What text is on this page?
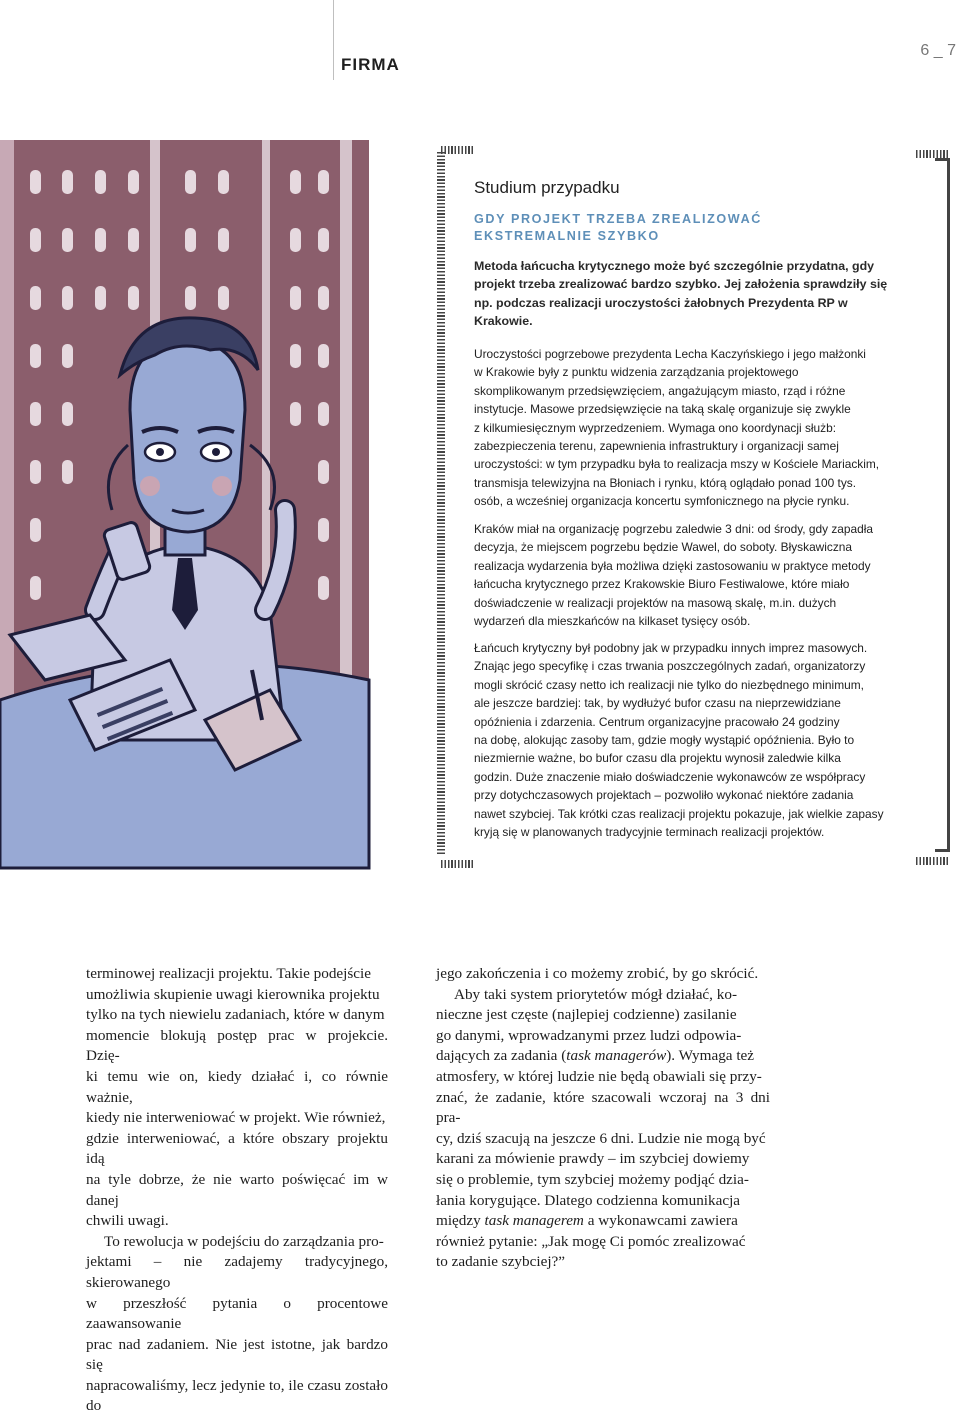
FIRMA
6 _ 7
Studium przypadku
GDY PROJEKT TRZEBA ZREALIZOWAĆ
EKSTREMALNIE SZYBKO
Metoda łańcucha krytycznego może być szczególnie przydatna, gdy
projekt trzeba zrealizować bardzo szybko. Jej założenia sprawdziły się
np. podczas realizacji uroczystości żałobnych Prezydenta RP w Krakowie.
Uroczystości pogrzebowe prezydenta Lecha Kaczyńskiego i jego małżonki
w Krakowie były z punktu widzenia zarządzania projektowego
skomplikowanym przedsięwzięciem, angażującym miasto, rząd i różne
instytucje. Masowe przedsięwzięcie na taką skalę organizuje się zwykle
z kilkumiesięcznym wyprzedzeniem. Wymaga ono koordynacji służb:
zabezpieczenia terenu, zapewnienia infrastruktury i organizacji samej
uroczystości: w tym przypadku była to realizacja mszy w Kościele Mariackim,
transmisja telewizyjna na Błoniach i rynku, którą oglądało ponad 100 tys.
osób, a wcześniej organizacja koncertu symfonicznego na płycie rynku.
Kraków miał na organizację pogrzebu zaledwie 3 dni: od środy, gdy zapadła
decyzja, że miejscem pogrzebu będzie Wawel, do soboty. Błyskawiczna
realizacja wydarzenia była możliwa dzięki zastosowaniu w praktyce metody
łańcucha krytycznego przez Krakowskie Biuro Festiwalowe, które miało
doświadczenie w realizacji projektów na masową skalę, m.in. dużych
wydarzeń dla mieszkańców na kilkaset tysięcy osób.
Łańcuch krytyczny był podobny jak w przypadku innych imprez masowych.
Znając jego specyfikę i czas trwania poszczególnych zadań, organizatorzy
mogli skrócić czasy netto ich realizacji nie tylko do niezbędnego minimum,
ale jeszcze bardziej: tak, by wydłużyć bufor czasu na nieprzewidziane
opóźnienia i zdarzenia. Centrum organizacyjne pracowało 24 godziny
na dobę, alokując zasoby tam, gdzie mogły wystąpić opóźnienia. Było to
niezmiernie ważne, bo bufor czasu dla projektu wynosił zaledwie kilka
godzin. Duże znaczenie miało doświadczenie wykonawców ze współpracy
przy dotychczasowych projektach – pozwoliło wykonać niektóre zadania
nawet szybciej. Tak krótki czas realizacji projektu pokazuje, jak wielkie zapasy
kryją się w planowanych tradycyjnie terminach realizacji projektów.
terminowej realizacji projektu. Takie podejście
umożliwia skupienie uwagi kierownika projektu
tylko na tych niewielu zadaniach, które w danym
momencie blokują postęp prac w projekcie. Dzię-
ki temu wie on, kiedy działać i, co równie ważnie,
kiedy nie interweniować w projekt. Wie również,
gdzie interweniować, a które obszary projektu idą
na tyle dobrze, że nie warto poświęcać im w danej
chwili uwagi.
To rewolucja w podejściu do zarządzania pro-
jektami – nie zadajemy tradycyjnego, skierowanego
w przeszłość pytania o procentowe zaawansowanie
prac nad zadaniem. Nie jest istotne, jak bardzo się
napracowaliśmy, lecz jedynie to, ile czasu zostało do
jego zakończenia i co możemy zrobić, by go skrócić.
Aby taki system priorytetów mógł działać, ko-
nieczne jest częste (najlepiej codzienne) zasilanie
go danymi, wprowadzanymi przez ludzi odpowia-
dających za zadania (task managerów). Wymaga też
atmosfery, w której ludzie nie będą obawiali się przy-
znać, że zadanie, które szacowali wczoraj na 3 dni pra-
cy, dziś szacują na jeszcze 6 dni. Ludzie nie mogą być
karani za mówienie prawdy – im szybciej dowiemy
się o problemie, tym szybciej możemy podjąć dzia-
łania korygujące. Dlatego codzienna komunikacja
między task managerem a wykonawcami zawiera
również pytanie: „Jak mogę Ci pomóc zrealizować
to zadanie szybciej?”
